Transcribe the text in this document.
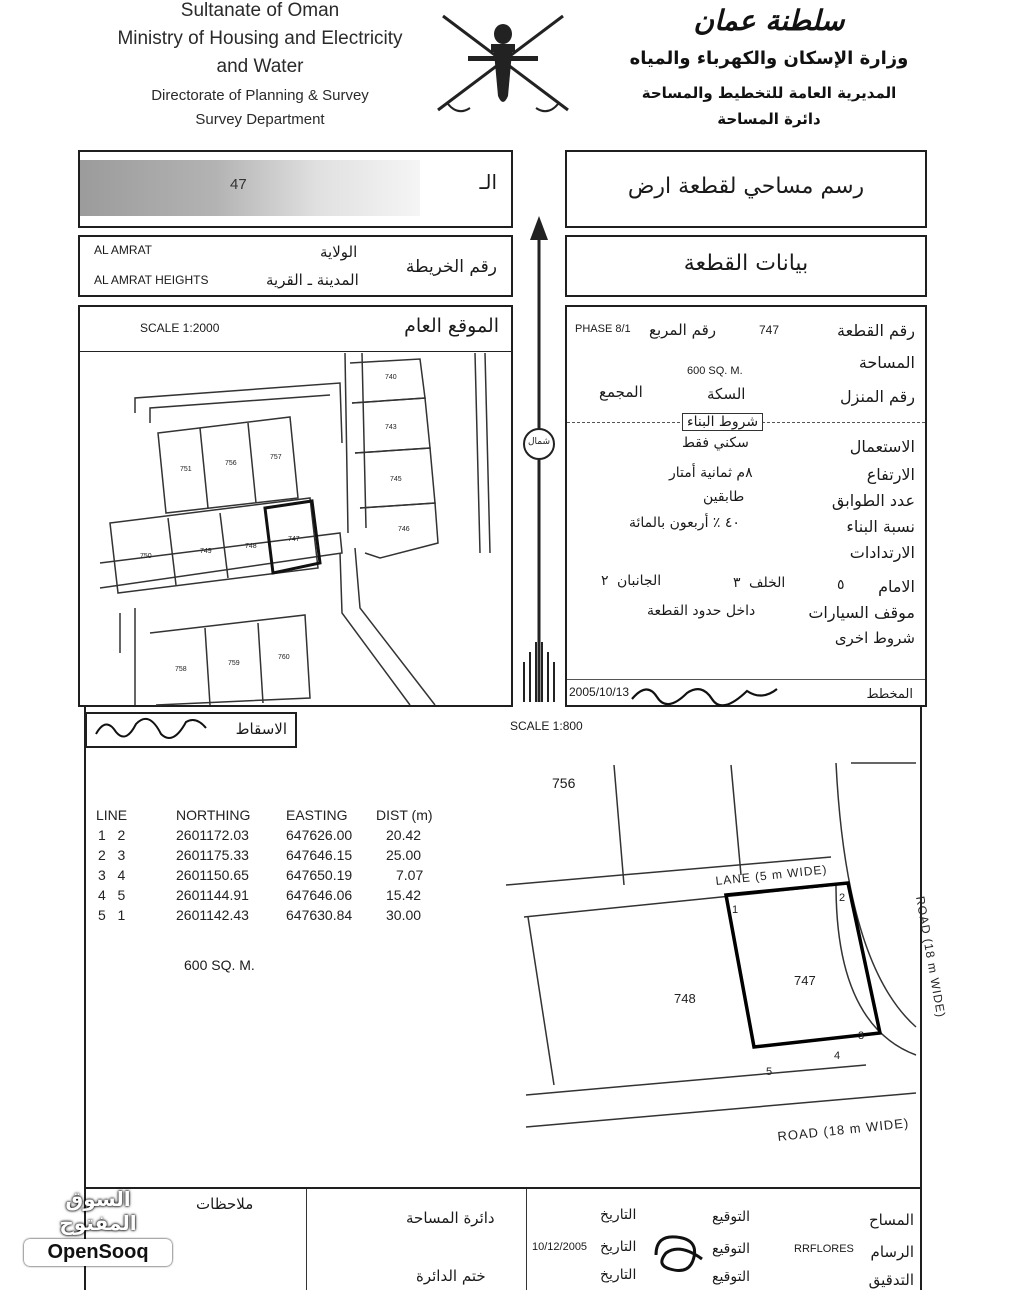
Sultanate of Oman
Ministry of Housing and Electricity
and Water
Directorate of Planning & Survey
Survey Department
سلطنة عمان
وزارة الإسكان والكهرباء والمياه
المديرية العامة للتخطيط والمساحة
دائرة المساحة
47	الـ	رسم مساحي لقطعة ارض
AL AMRAT	الولاية
AL AMRAT HEIGHTS	المدينة ـ القرية
رقم الخريطة	بيانات القطعة
SCALE 1:2000	الموقع العام
740
743
745
746
747
748
749
750
751
756
757
758
759
760
شمال
PHASE 8/1 رقم المربع	747	رقم القطعة
600 SQ. M.	المساحة
المجمع	السكة	رقم المنزل
شروط البناء
سكني فقط	الاستعمال
٨م ثمانية أمتار	الارتفاع
طابقين	عدد الطوابق
٤٠ ٪ أربعون بالمائة	نسبة البناء
الارتدادات
٢ الجانبان	٣ الخلف	٥ الامام
داخل حدود القطعة	موقف السيارات
شروط اخرى
2005/10/13	المخطط
الاسقاط	SCALE 1:800
756
LINE	NORTHING	EASTING DIST (m)
1   2	2601172.03	647626.00 20.42
2   3	2601175.33	647646.15 25.00
3   4	2601150.65	647650.19	7.07
4   5	2601144.91	647646.06 15.42
5   1	2601142.43	647630.84 30.00
600 SQ. M.
1
2
3
4
5
747
748
LANE (5 m WIDE)
ROAD (18 m WIDE)
ROAD (18 m WIDE)
ملاحظات
دائرة المساحة
ختم الدائرة
10/12/2005	RRFLORES
التاريخ	التوقيع	المساح
التاريخ	التوقيع	الرسام
التاريخ	التوقيع	التدقيق
السوق المفتوح
OpenSooq
